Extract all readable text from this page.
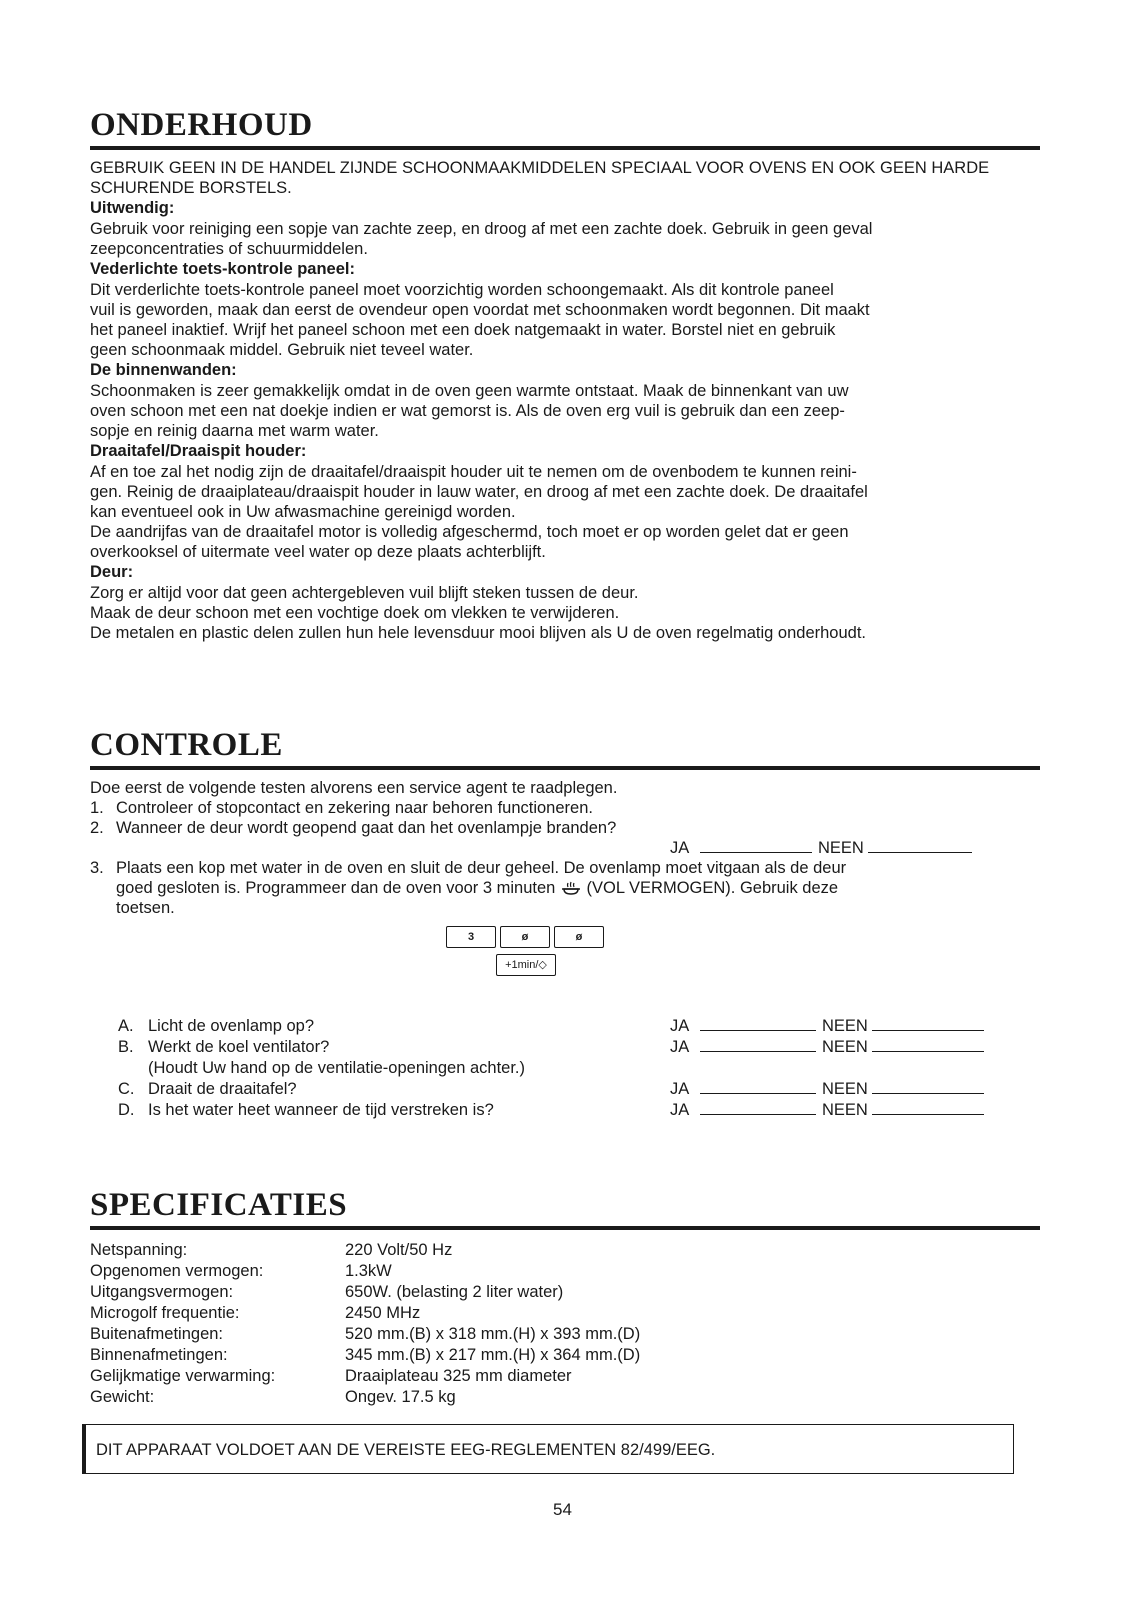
ONDERHOUD

GEBRUIK GEEN IN DE HANDEL ZIJNDE SCHOONMAAKMIDDELEN SPECIAAL VOOR OVENS EN OOK GEEN HARDE SCHURENDE BORSTELS.

Uitwendig:

Gebruik voor reiniging een sopje van zachte zeep, en droog af met een zachte doek. Gebruik in geen geval

zeepconcentraties of schuurmiddelen.

Vederlichte toets-kontrole paneel:

Dit verderlichte toets-kontrole paneel moet voorzichtig worden schoongemaakt. Als dit kontrole paneel

vuil is geworden, maak dan eerst de ovendeur open voordat met schoonmaken wordt begonnen. Dit maakt

het paneel inaktief. Wrijf het paneel schoon met een doek natgemaakt in water. Borstel niet en gebruik

geen schoonmaak middel. Gebruik niet teveel water.

De binnenwanden:

Schoonmaken is zeer gemakkelijk omdat in de oven geen warmte ontstaat. Maak de binnenkant van uw

oven schoon met een nat doekje indien er wat gemorst is. Als de oven erg vuil is gebruik dan een zeep-

sopje en reinig daarna met warm water.

Draaitafel/Draaispit houder:

Af en toe zal het nodig zijn de draaitafel/draaispit houder uit te nemen om de ovenbodem te kunnen reini-

gen. Reinig de draaiplateau/draaispit houder in lauw water, en droog af met een zachte doek. De draaitafel

kan eventueel ook in Uw afwasmachine gereinigd worden.

De aandrijfas van de draaitafel motor is volledig afgeschermd, toch moet er op worden gelet dat er geen

overkooksel of uitermate veel water op deze plaats achterblijft.

Deur:

Zorg er altijd voor dat geen achtergebleven vuil blijft steken tussen de deur.

Maak de deur schoon met een vochtige doek om vlekken te verwijderen.

De metalen en plastic delen zullen hun hele levensduur mooi blijven als U de oven regelmatig onderhoudt.

CONTROLE

Doe eerst de volgende testen alvorens een service agent te raadplegen.

1. Controleer of stopcontact en zekering naar behoren functioneren.
2. Wanneer de deur wordt geopend gaat dan het ovenlampje branden?
JA	NEEN
3. Plaats een kop met water in de oven en sluit de deur geheel. De ovenlamp moet vitgaan als de deur
goed gesloten is. Programmeer dan de oven voor 3 minuten (VOL VERMOGEN). Gebruik deze
toetsen.
3	ø	ø
+1min/◇
A. Licht de ovenlamp op?	JA	NEEN
B. Werkt de koel ventilator?	JA	NEEN
(Houdt Uw hand op de ventilatie-openingen achter.)
C. Draait de draaitafel?	JA	NEEN
D. Is het water heet wanneer de tijd verstreken is?	JA	NEEN
SPECIFICATIES
Netspanning:	220 Volt/50 Hz
Opgenomen vermogen:	1.3kW
Uitgangsvermogen:	650W. (belasting 2 liter water)
Microgolf frequentie:	2450 MHz
Buitenafmetingen:	520 mm.(B) x 318 mm.(H) x 393 mm.(D)
Binnenafmetingen:	345 mm.(B) x 217 mm.(H) x 364 mm.(D)
Gelijkmatige verwarming:	Draaiplateau 325 mm diameter
Gewicht:	Ongev. 17.5 kg
DIT APPARAAT VOLDOET AAN DE VEREISTE EEG-REGLEMENTEN 82/499/EEG.
54
